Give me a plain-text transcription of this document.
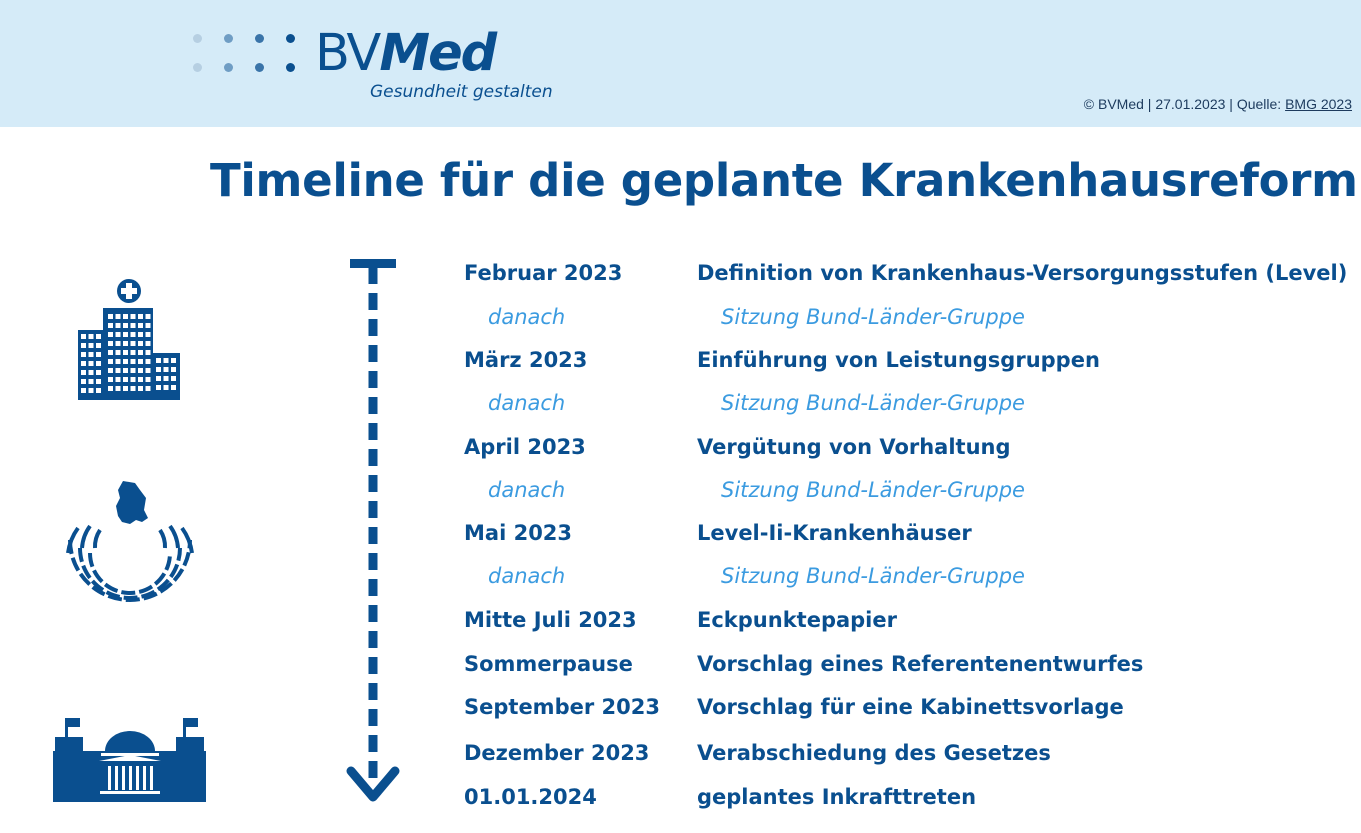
BVMed
Gesundheit gestalten
© BVMed | 27.01.2023 | Quelle: BMG 2023
Timeline für die geplante Krankenhausreform
Februar 2023	Definition von Krankenhaus-Versorgungsstufen (Level)
danach	Sitzung Bund-Länder-Gruppe
März 2023	Einführung von Leistungsgruppen
danach	Sitzung Bund-Länder-Gruppe
April 2023	Vergütung von Vorhaltung
danach	Sitzung Bund-Länder-Gruppe
Mai 2023	Level-Ii-Krankenhäuser
danach	Sitzung Bund-Länder-Gruppe
Mitte Juli 2023	Eckpunktepapier
Sommerpause	Vorschlag eines Referentenentwurfes
September 2023 Vorschlag für eine Kabinettsvorlage
Dezember 2023 Verabschiedung des Gesetzes
01.01.2024	geplantes Inkrafttreten
